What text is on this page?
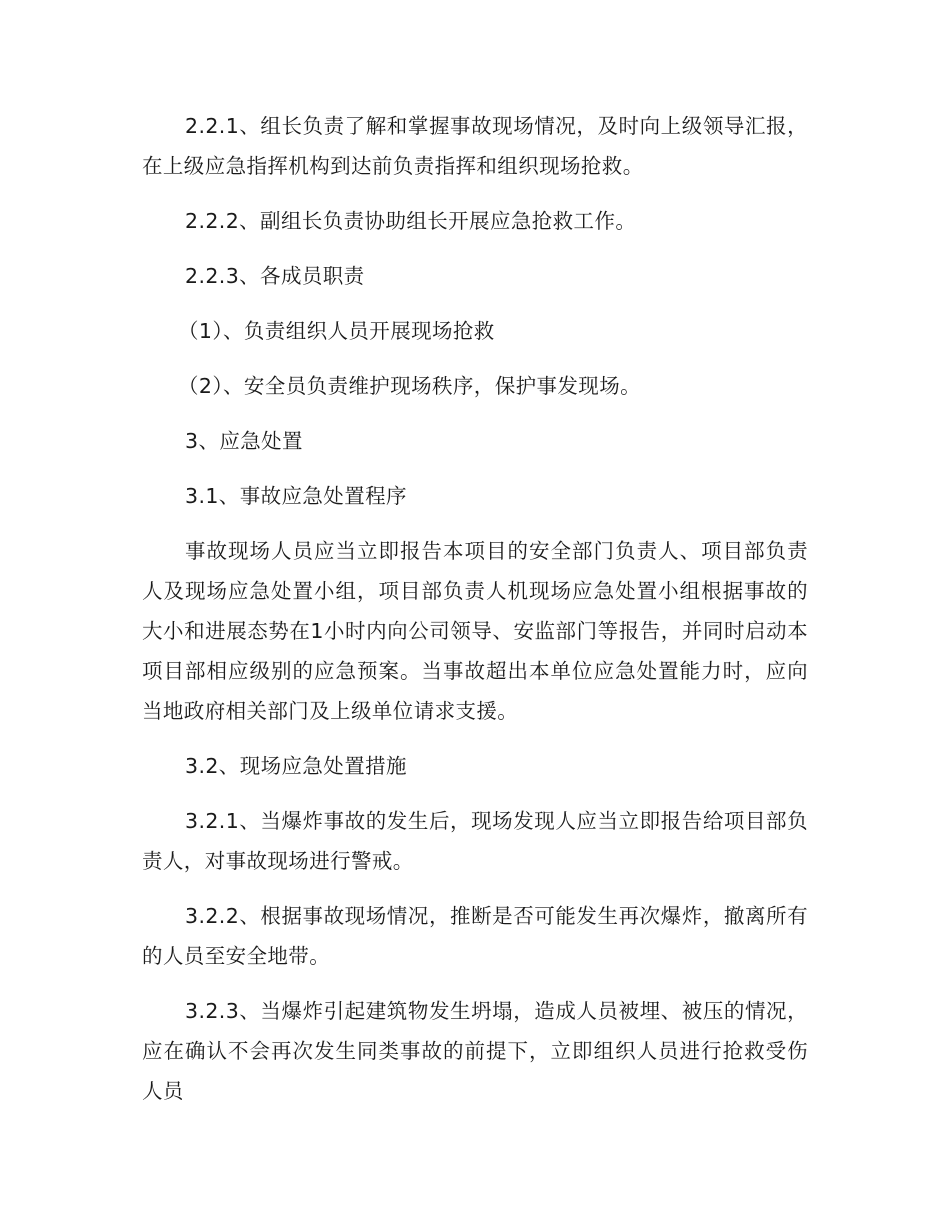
2.2.1、组长负责了解和掌握事故现场情况，及时向上级领导汇报，在上级应急指挥机构到达前负责指挥和组织现场抢救。

2.2.2、副组长负责协助组长开展应急抢救工作。

2.2.3、各成员职责

（1）、负责组织人员开展现场抢救

（2）、安全员负责维护现场秩序，保护事发现场。

3、应急处置

3.1、事故应急处置程序

事故现场人员应当立即报告本项目的安全部门负责人、项目部负责人及现场应急处置小组，项目部负责人机现场应急处置小组根据事故的大小和进展态势在1小时内向公司领导、安监部门等报告，并同时启动本项目部相应级别的应急预案。当事故超出本单位应急处置能力时，应向当地政府相关部门及上级单位请求支援。

3.2、现场应急处置措施

3.2.1、当爆炸事故的发生后，现场发现人应当立即报告给项目部负责人，对事故现场进行警戒。

3.2.2、根据事故现场情况，推断是否可能发生再次爆炸，撤离所有的人员至安全地带。

3.2.3、当爆炸引起建筑物发生坍塌，造成人员被埋、被压的情况，应在确认不会再次发生同类事故的前提下，立即组织人员进行抢救受伤人员
